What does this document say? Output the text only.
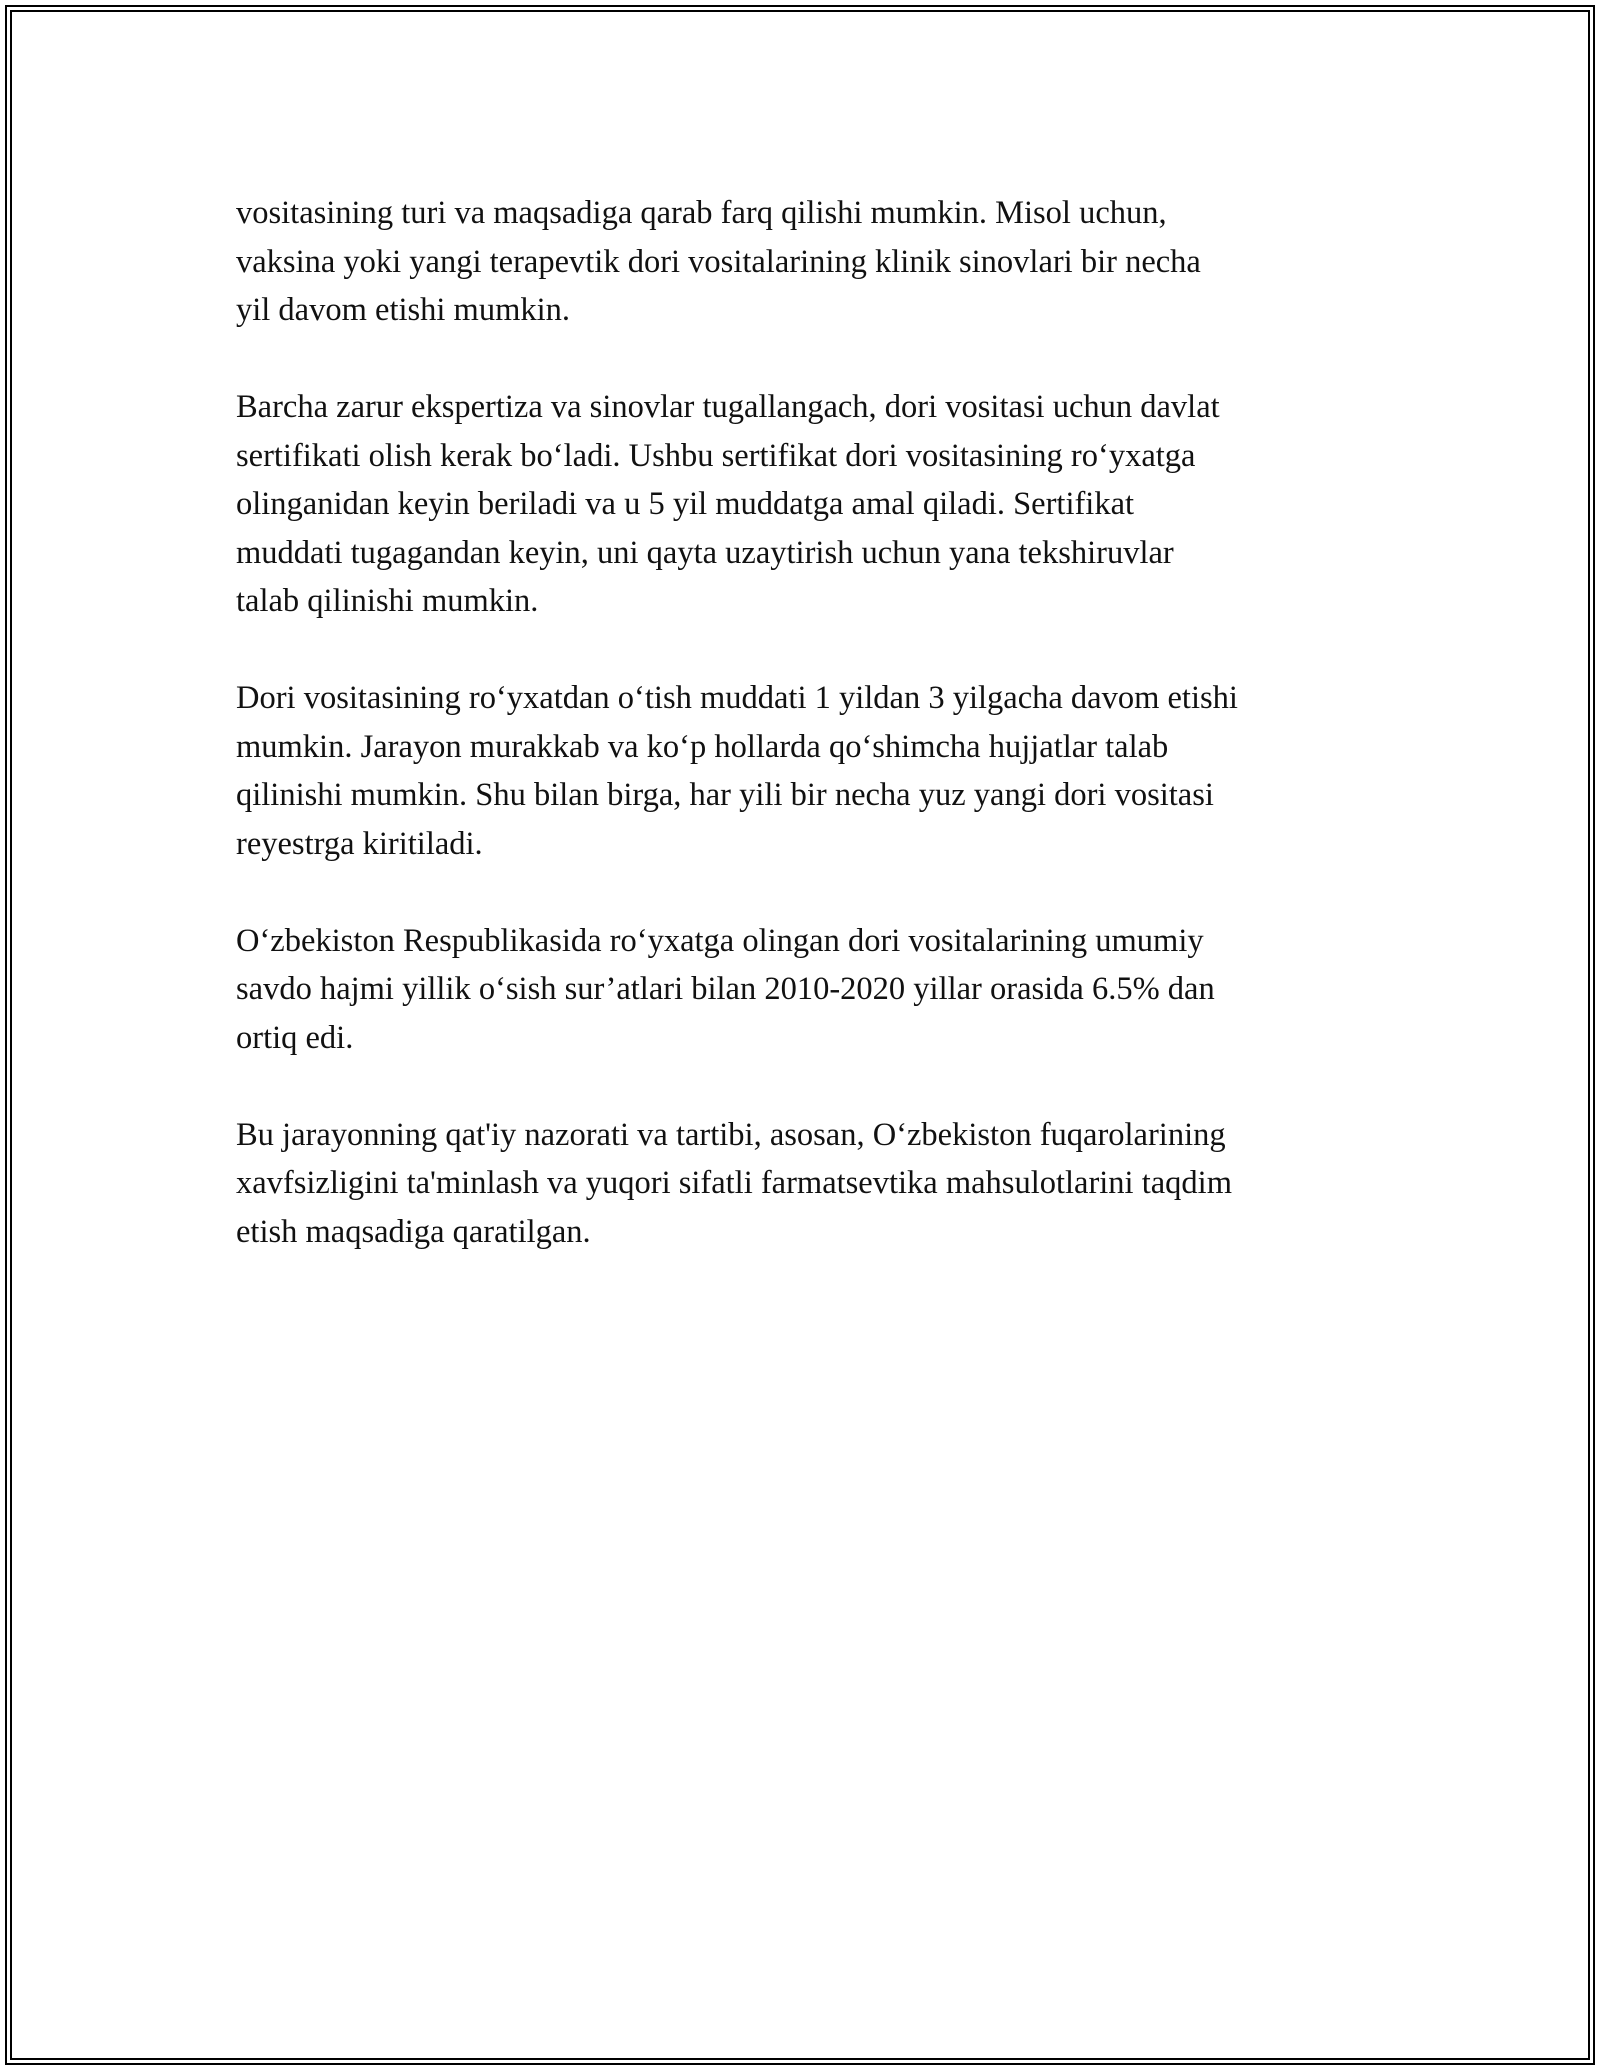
vositasining turi va maqsadiga qarab farq qilishi mumkin. Misol uchun,
vaksina yoki yangi terapevtik dori vositalarining klinik sinovlari bir necha
yil davom etishi mumkin.

Barcha zarur ekspertiza va sinovlar tugallangach, dori vositasi uchun davlat
sertifikati olish kerak bo‘ladi. Ushbu sertifikat dori vositasining ro‘yxatga
olinganidan keyin beriladi va u 5 yil muddatga amal qiladi. Sertifikat
muddati tugagandan keyin, uni qayta uzaytirish uchun yana tekshiruvlar
talab qilinishi mumkin.

Dori vositasining ro‘yxatdan o‘tish muddati 1 yildan 3 yilgacha davom etishi
mumkin. Jarayon murakkab va ko‘p hollarda qo‘shimcha hujjatlar talab
qilinishi mumkin. Shu bilan birga, har yili bir necha yuz yangi dori vositasi
reyestrga kiritiladi.

O‘zbekiston Respublikasida ro‘yxatga olingan dori vositalarining umumiy
savdo hajmi yillik o‘sish sur’atlari bilan 2010-2020 yillar orasida 6.5% dan
ortiq edi.

Bu jarayonning qat'iy nazorati va tartibi, asosan, O‘zbekiston fuqarolarining
xavfsizligini ta'minlash va yuqori sifatli farmatsevtika mahsulotlarini taqdim
etish maqsadiga qaratilgan.
